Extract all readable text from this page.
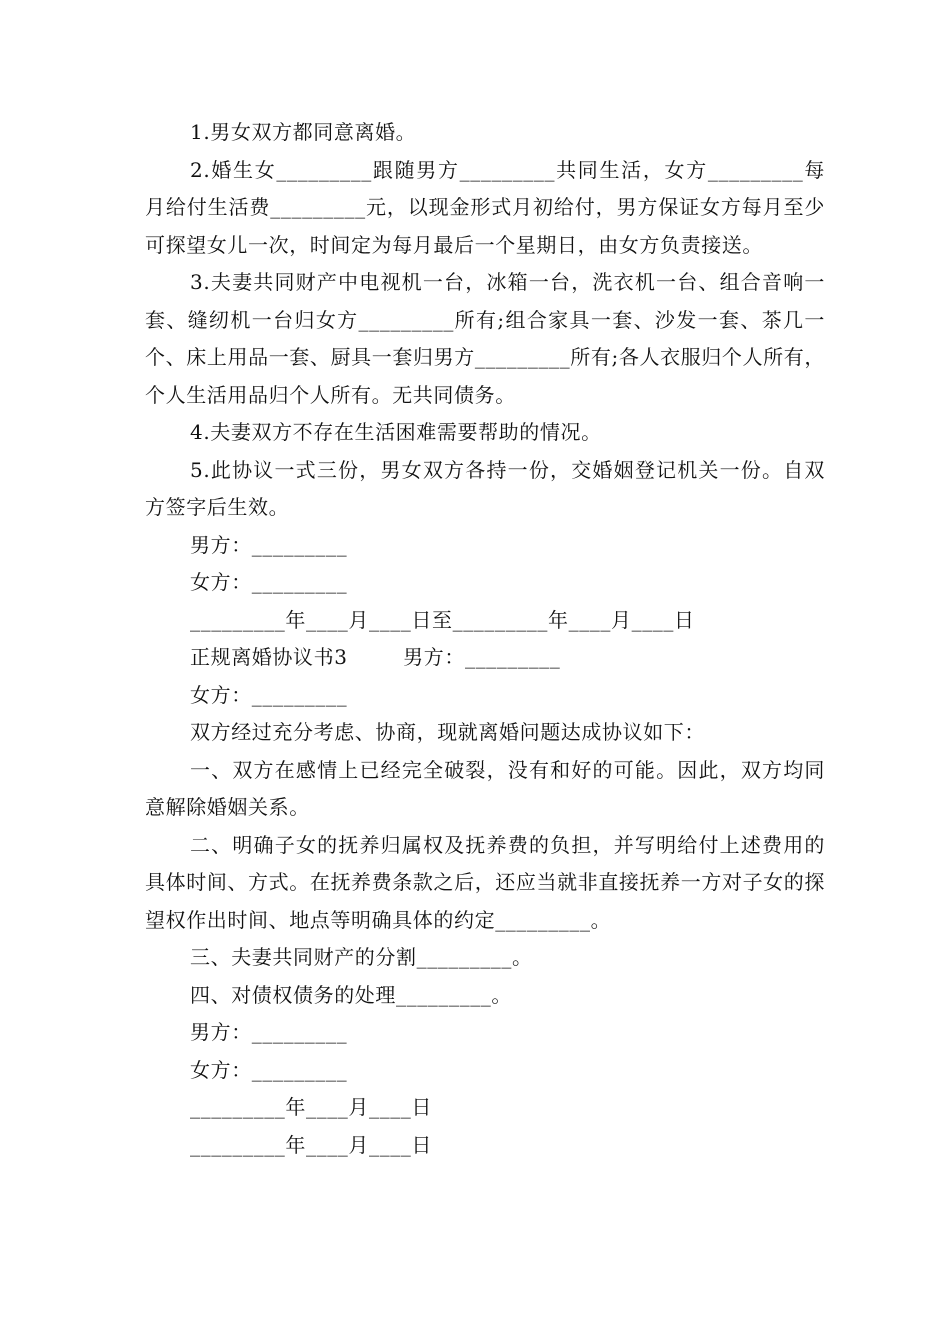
1.男女双方都同意离婚。

2.婚生女_________跟随男方_________共同生活，女方_________每月给付生活费_________元，以现金形式月初给付，男方保证女方每月至少可探望女儿一次，时间定为每月最后一个星期日，由女方负责接送。

3.夫妻共同财产中电视机一台，冰箱一台，洗衣机一台、组合音响一套、缝纫机一台归女方_________所有;组合家具一套、沙发一套、茶几一个、床上用品一套、厨具一套归男方_________所有;各人衣服归个人所有，个人生活用品归个人所有。无共同债务。

4.夫妻双方不存在生活困难需要帮助的情况。

5.此协议一式三份，男女双方各持一份，交婚姻登记机关一份。自双方签字后生效。

男方：_________

女方：_________

_________年____月____日至_________年____月____日

正规离婚协议书3        男方：_________

女方：_________

双方经过充分考虑、协商，现就离婚问题达成协议如下：

一、双方在感情上已经完全破裂，没有和好的可能。因此，双方均同意解除婚姻关系。

二、明确子女的抚养归属权及抚养费的负担，并写明给付上述费用的具体时间、方式。在抚养费条款之后，还应当就非直接抚养一方对子女的探望权作出时间、地点等明确具体的约定_________。

三、夫妻共同财产的分割_________。

四、对债权债务的处理_________。

男方：_________

女方：_________

_________年____月____日

_________年____月____日
